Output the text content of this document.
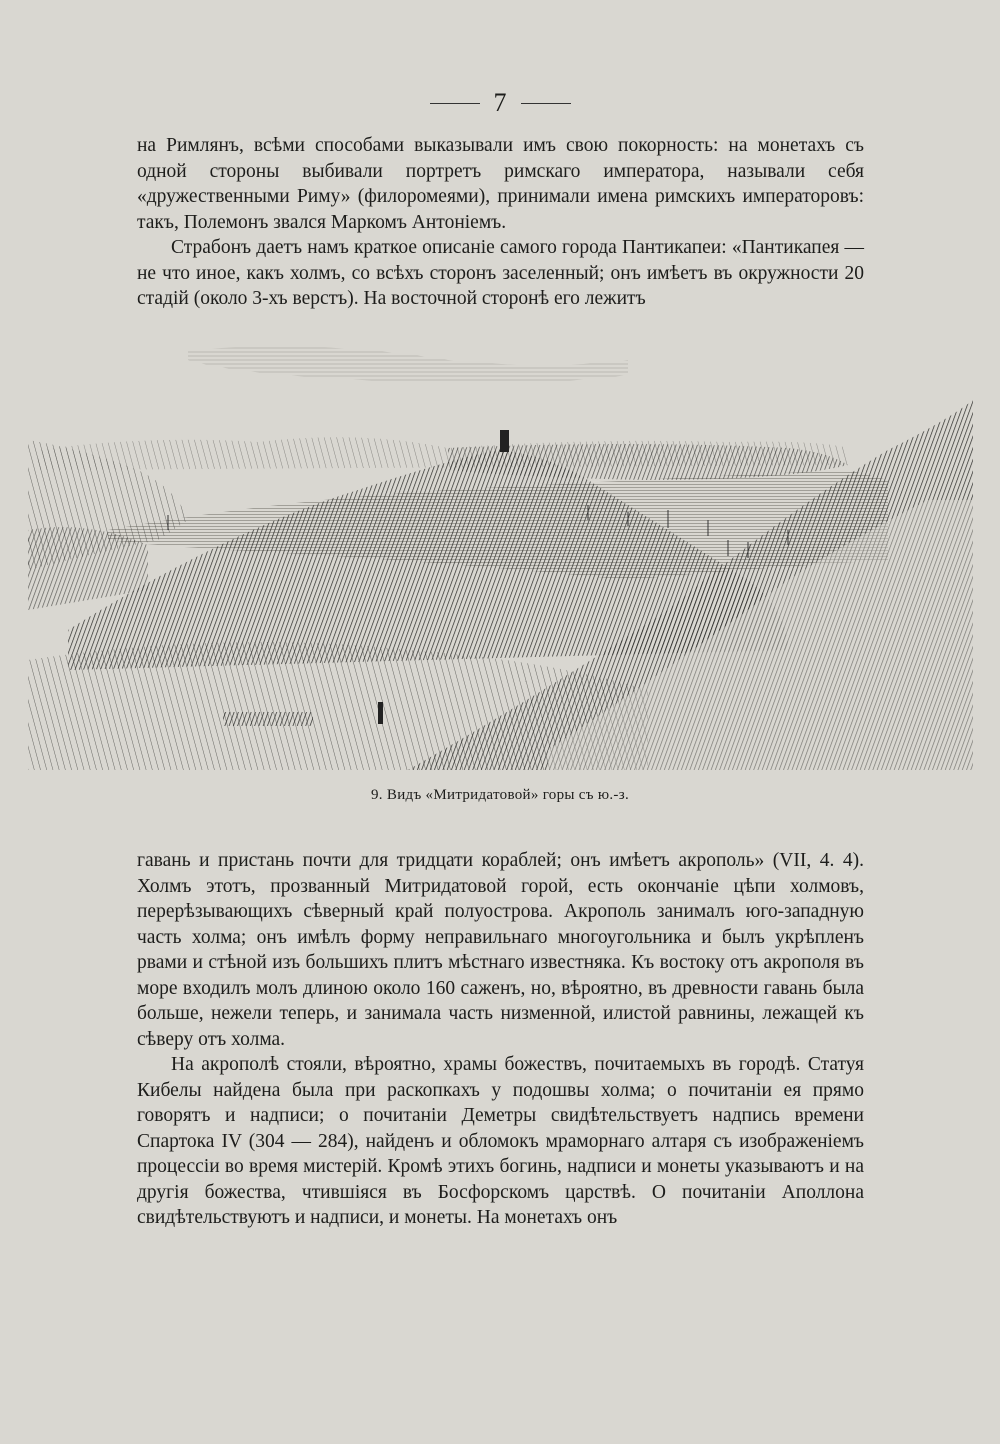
7

на Римлянъ, всѣми способами выказывали имъ свою покорность: на монетахъ съ одной стороны выбивали портретъ римскаго императора, называли себя «дружественными Риму» (филоромеями), принимали имена римскихъ императоровъ: такъ, Полемонъ звался Маркомъ Антоніемъ.

Страбонъ даетъ намъ краткое описаніе самого города Пантикапеи: «Пантикапея — не что иное, какъ холмъ, со всѣхъ сторонъ заселенный; онъ имѣетъ въ окружности 20 стадій (около 3-хъ верстъ). На восточной сторонѣ его лежитъ

9. Видъ «Митридатовой» горы съ ю.-з.

гавань и пристань почти для тридцати кораблей; онъ имѣетъ акрополь» (VII, 4. 4). Холмъ этотъ, прозванный Митридатовой горой, есть окончаніе цѣпи холмовъ, перерѣзывающихъ сѣверный край полуострова. Акрополь занималъ юго-западную часть холма; онъ имѣлъ форму неправильнаго многоугольника и былъ укрѣпленъ рвами и стѣной изъ большихъ плитъ мѣстнаго известняка. Къ востоку отъ акрополя въ море входилъ молъ длиною около 160 саженъ, но, вѣроятно, въ древности гавань была больше, нежели теперь, и занимала часть низменной, илистой равнины, лежащей къ сѣверу отъ холма.

На акрополѣ стояли, вѣроятно, храмы божествъ, почитаемыхъ въ городѣ. Статуя Кибелы найдена была при раскопкахъ у подошвы холма; о почитаніи ея прямо говорятъ и надписи; о почитаніи Деметры свидѣтельствуетъ надпись времени Спартока IV (304 — 284), найденъ и обломокъ мраморнаго алтаря съ изображеніемъ процессіи во время мистерій. Кромѣ этихъ богинь, надписи и монеты указываютъ и на другія божества, чтившіяся въ Босфорскомъ царствѣ. О почитаніи Аполлона свидѣтельствуютъ и надписи, и монеты. На монетахъ онъ
